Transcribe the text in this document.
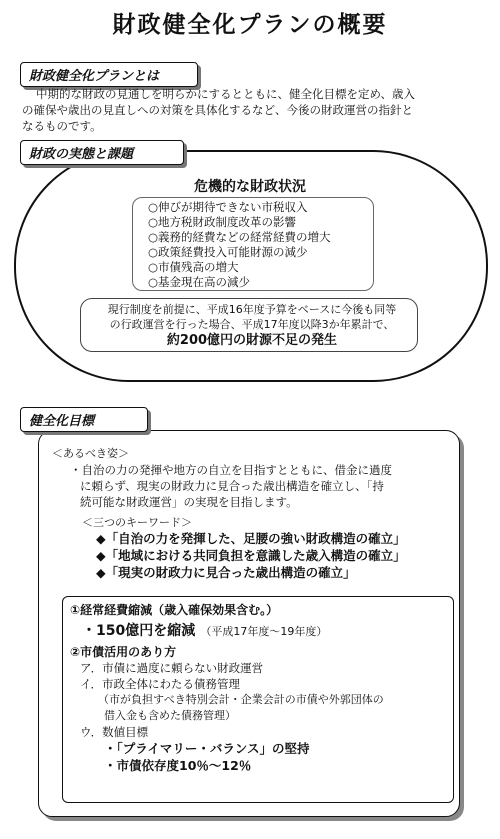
財政健全化プランの概要
財政健全化プランとは
中期的な財政の見通しを明らかにするとともに、健全化目標を定め、歳入
の確保や歳出の見直しへの対策を具体化するなど、今後の財政運営の指針と
なるものです。
財政の実態と課題
危機的な財政状況
○伸びが期待できない市税収入
○地方税財政制度改革の影響
○義務的経費などの経常経費の増大
○政策経費投入可能財源の減少
○市債残高の増大
○基金現在高の減少
現行制度を前提に、平成16年度予算をベースに今後も同等
の行政運営を行った場合、平成17年度以降3か年累計で、
約200億円の財源不足の発生
健全化目標
＜あるべき姿＞
・自治の力の発揮や地方の自立を目指すとともに、借金に過度
に頼らず、現実の財政力に見合った歳出構造を確立し、「持
続可能な財政運営」の実現を目指します。
＜三つのキーワード＞
◆「自治の力を発揮した、足腰の強い財政構造の確立」
◆「地域における共同負担を意識した歳入構造の確立」
◆「現実の財政力に見合った歳出構造の確立」
①経常経費縮減（歳入確保効果含む。）
・150億円を縮減 （平成17年度～19年度）
②市債活用のあり方
ア．市債に過度に頼らない財政運営
イ．市政全体にわたる債務管理
（市が負担すべき特別会計・企業会計の市債や外郭団体の
借入金も含めた債務管理）
ウ．数値目標
・「プライマリー・バランス」の堅持
・市債依存度10％～12％
